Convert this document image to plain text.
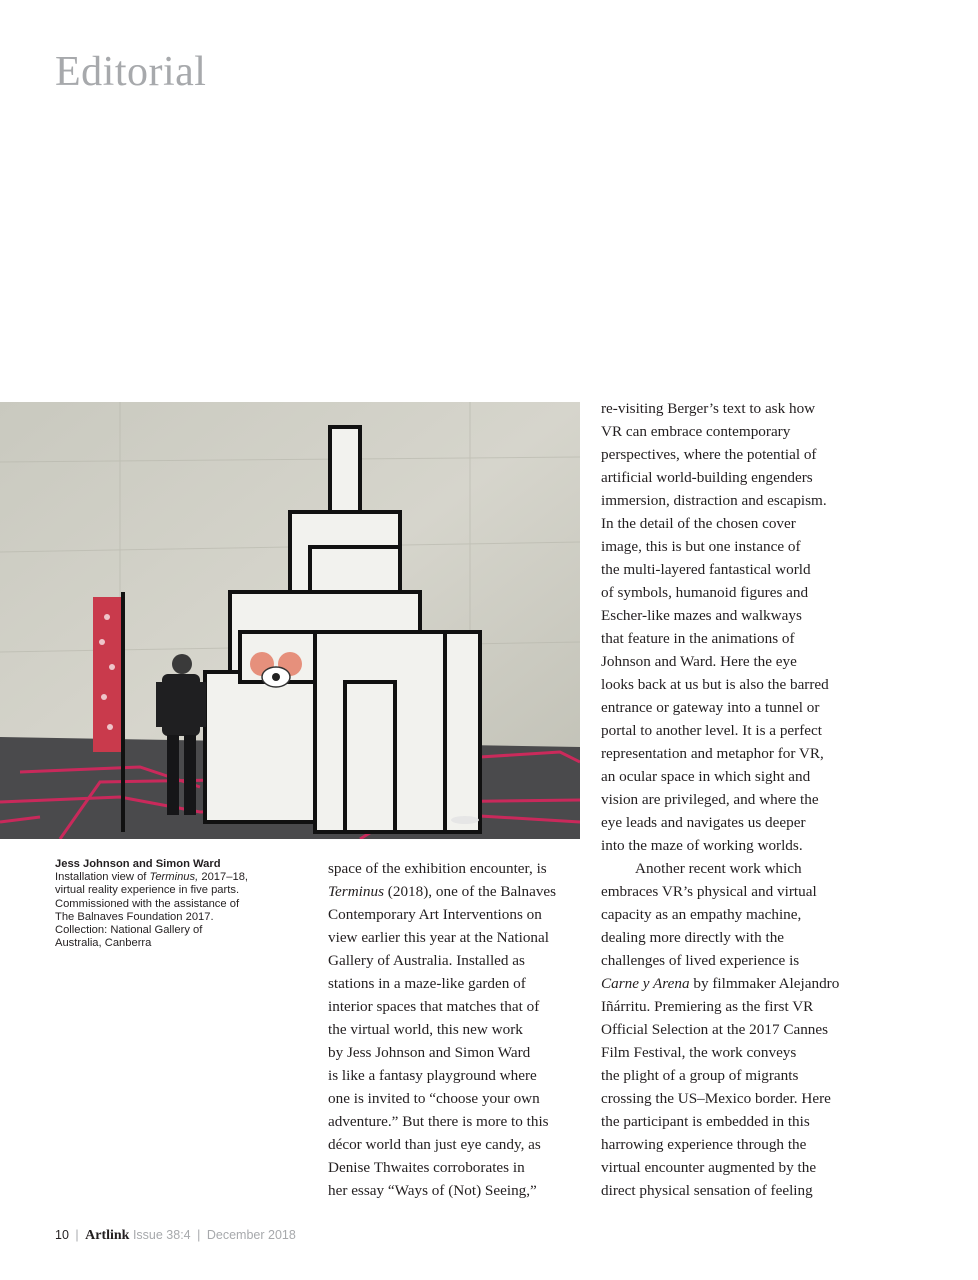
Editorial
Jess Johnson and Simon Ward
Installation view of Terminus, 2017–18,
virtual reality experience in five parts.
Commissioned with the assistance of
The Balnaves Foundation 2017.
Collection: National Gallery of
Australia, Canberra
space of the exhibition encounter, is
Terminus (2018), one of the Balnaves
Contemporary Art Interventions on
view earlier this year at the National
Gallery of Australia. Installed as
stations in a maze-like garden of
interior spaces that matches that of
the virtual world, this new work
by Jess Johnson and Simon Ward
is like a fantasy playground where
one is invited to “choose your own
adventure.” But there is more to this
décor world than just eye candy, as
Denise Thwaites corroborates in
her essay “Ways of (Not) Seeing,”
re-visiting Berger’s text to ask how
VR can embrace contemporary
perspectives, where the potential of
artificial world-building engenders
immersion, distraction and escapism.
In the detail of the chosen cover
image, this is but one instance of
the multi-layered fantastical world
of symbols, humanoid figures and
Escher-like mazes and walkways
that feature in the animations of
Johnson and Ward. Here the eye
looks back at us but is also the barred
entrance or gateway into a tunnel or
portal to another level. It is a perfect
representation and metaphor for VR,
an ocular space in which sight and
vision are privileged, and where the
eye leads and navigates us deeper
into the maze of working worlds.
Another recent work which
embraces VR’s physical and virtual
capacity as an empathy machine,
dealing more directly with the
challenges of lived experience is
Carne y Arena by filmmaker Alejandro
Iñárritu. Premiering as the first VR
Official Selection at the 2017 Cannes
Film Festival, the work conveys
the plight of a group of migrants
crossing the US–Mexico border. Here
the participant is embedded in this
harrowing experience through the
virtual encounter augmented by the
direct physical sensation of feeling
10 | Artlink Issue 38:4 | December 2018
